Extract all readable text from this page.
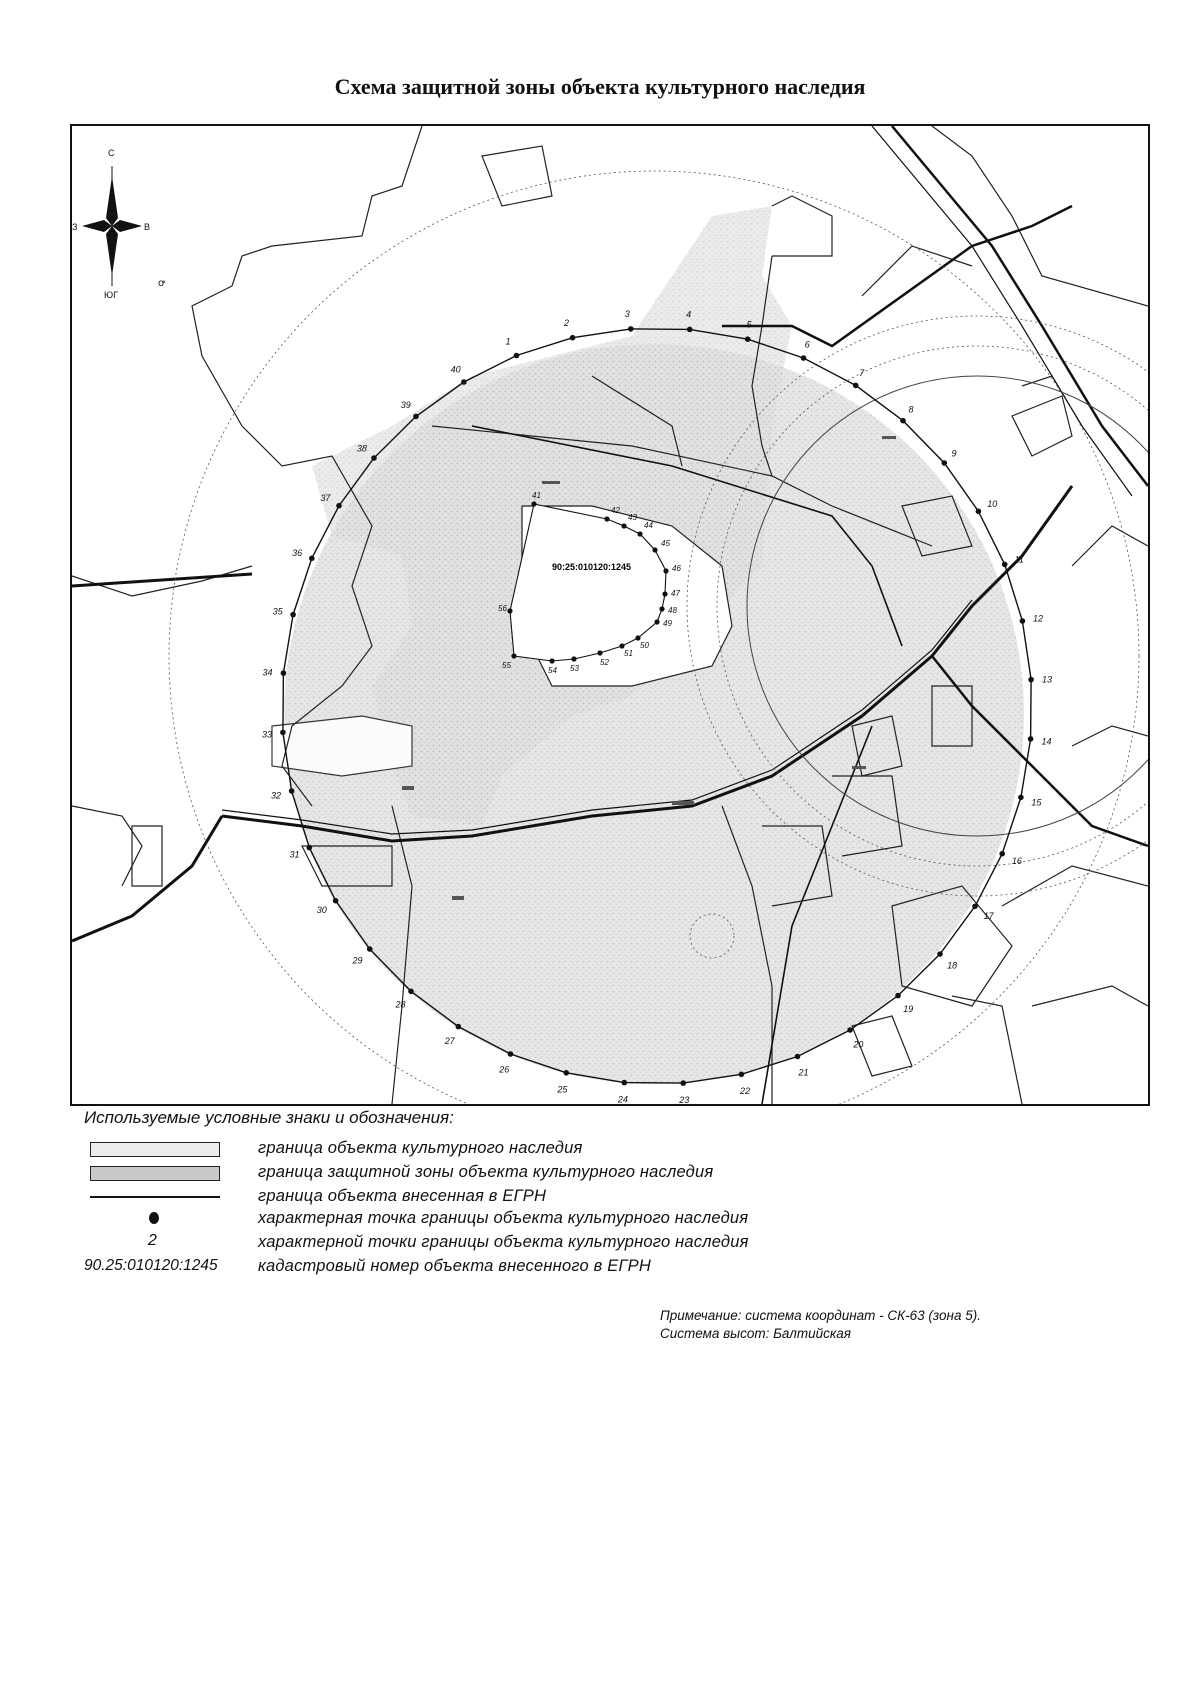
Схема защитной зоны объекта культурного наследия
1
2
3	4
5
6
7
8
9
10
11
12
13
14
15
16
17
18
19
20
21
22
23
24
25
26
27
28
29
30
31
32
33
34
35
36
37
38
39
40
41
42
43
44
45
46
47
48
49
50
51
52
53
54
55
56
90:25:010120:1245
С
ЮГ
З	В
ꝍ
Используемые условные знаки и обозначения:
граница объекта культурного наследия
граница защитной зоны объекта культурного наследия
граница объекта внесенная в ЕГРН
характерная точка границы объекта культурного наследия
2	характерной точки границы объекта культурного наследия
90.25:010120:1245 кадастровый номер объекта внесенного в ЕГРН
Примечание: система координат - СК-63 (зона 5).
Система высот: Балтийская
